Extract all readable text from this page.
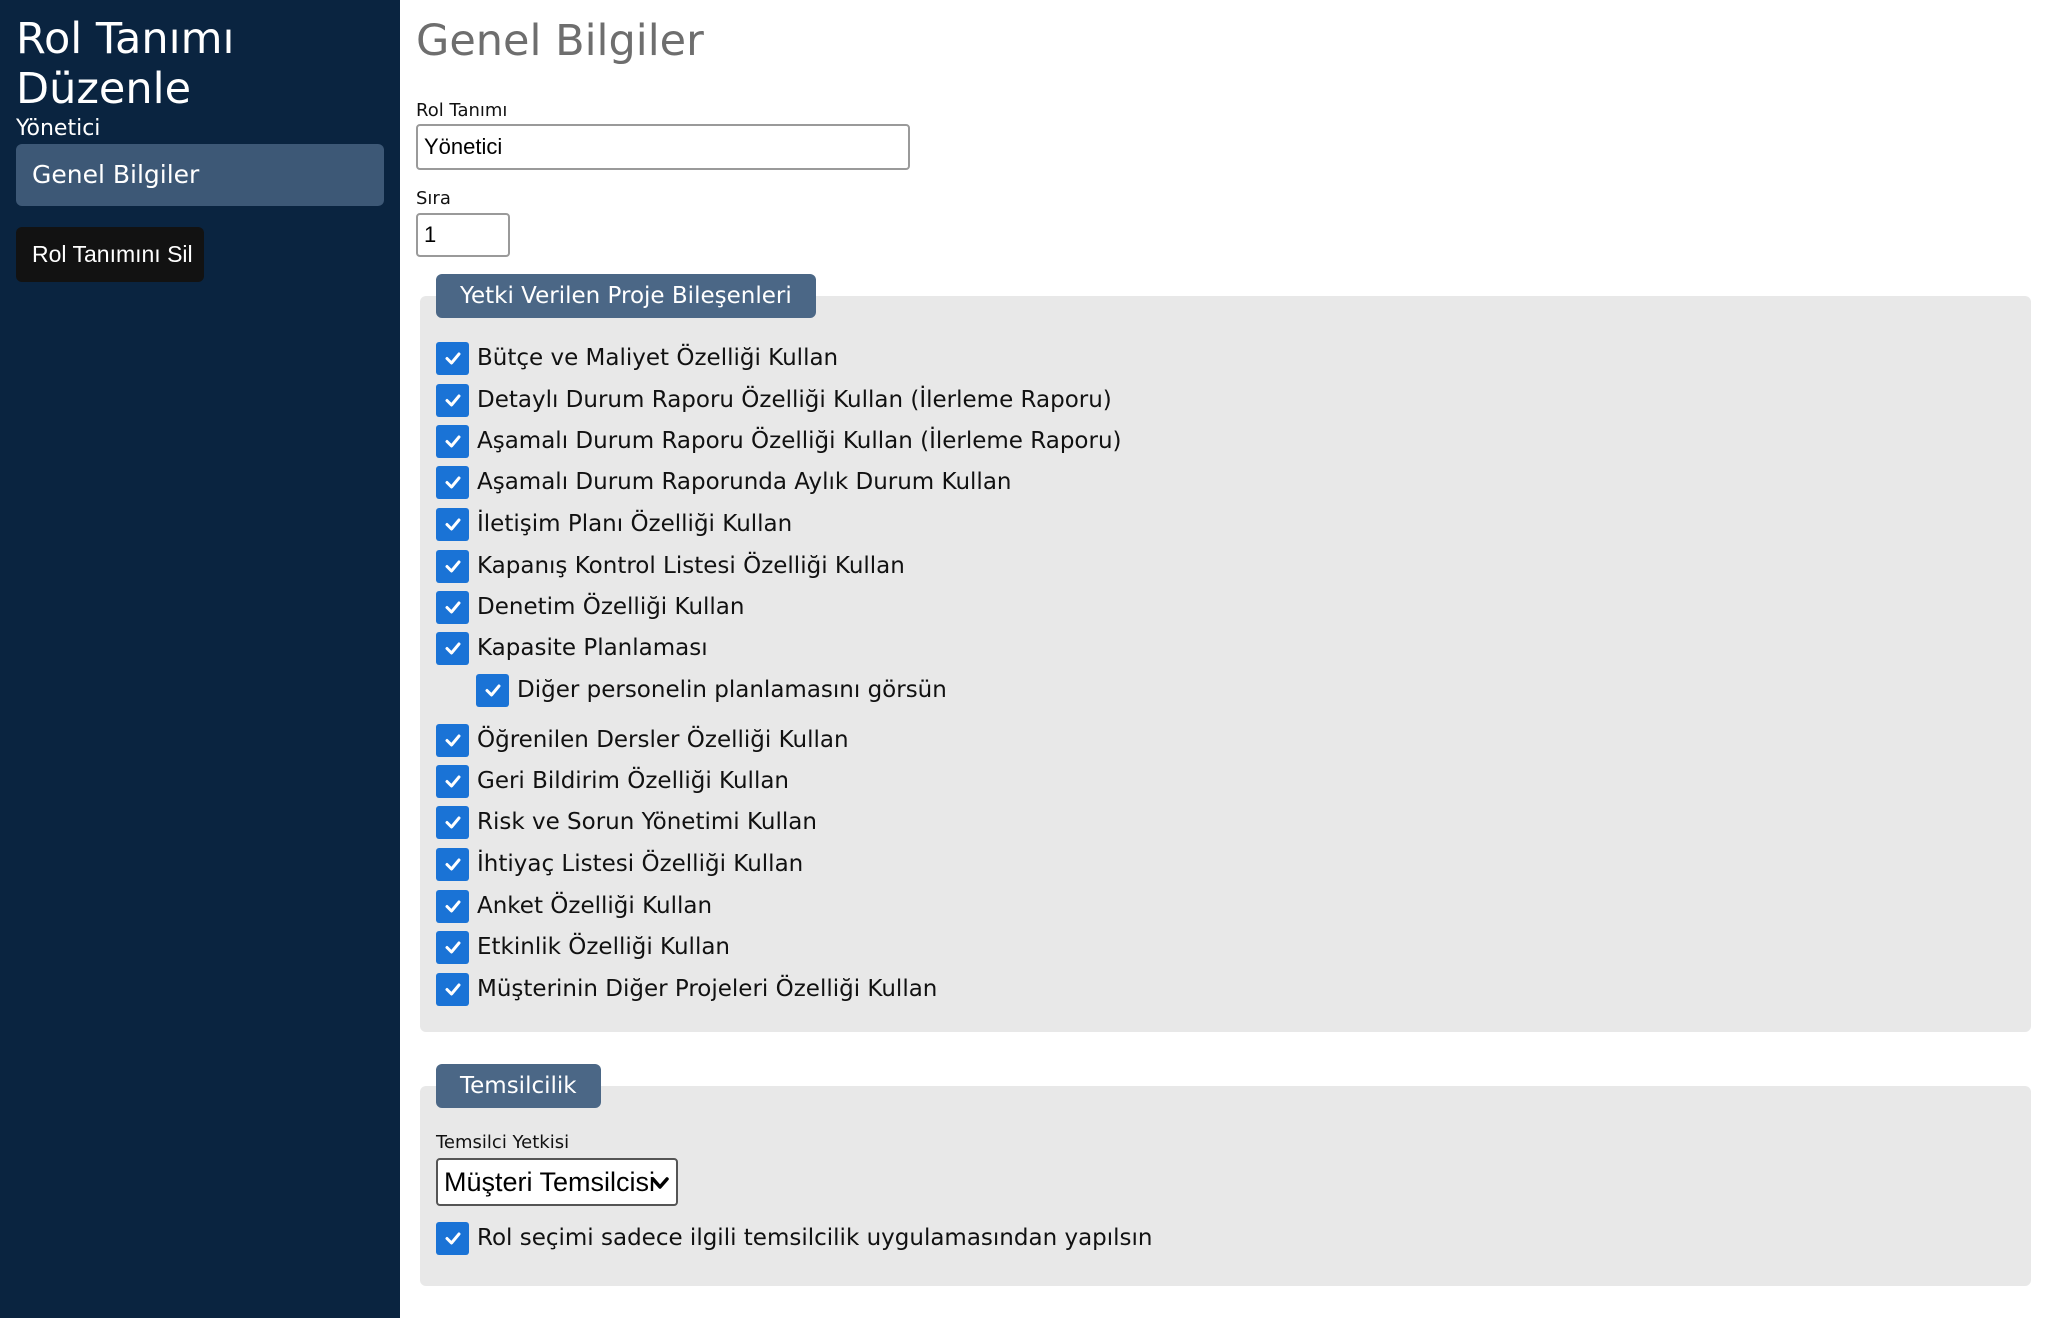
Rol Tanımı Düzenle
Yönetici
Genel Bilgiler
Rol Tanımını Sil
Genel Bilgiler
Rol Tanımı
Yönetici
Sıra
1
Yetki Verilen Proje Bileşenleri
Temsilcilik
Temsilci Yetkisi
Müşteri Temsilcisi
Rol seçimi sadece ilgili temsilcilik uygulamasından yapılsın
Bütçe ve Maliyet Özelliği Kullan
Detaylı Durum Raporu Özelliği Kullan (İlerleme Raporu)
Aşamalı Durum Raporu Özelliği Kullan (İlerleme Raporu)
Aşamalı Durum Raporunda Aylık Durum Kullan
İletişim Planı Özelliği Kullan
Kapanış Kontrol Listesi Özelliği Kullan
Denetim Özelliği Kullan
Kapasite Planlaması
Diğer personelin planlamasını görsün
Öğrenilen Dersler Özelliği Kullan
Geri Bildirim Özelliği Kullan
Risk ve Sorun Yönetimi Kullan
İhtiyaç Listesi Özelliği Kullan
Anket Özelliği Kullan
Etkinlik Özelliği Kullan
Müşterinin Diğer Projeleri Özelliği Kullan
